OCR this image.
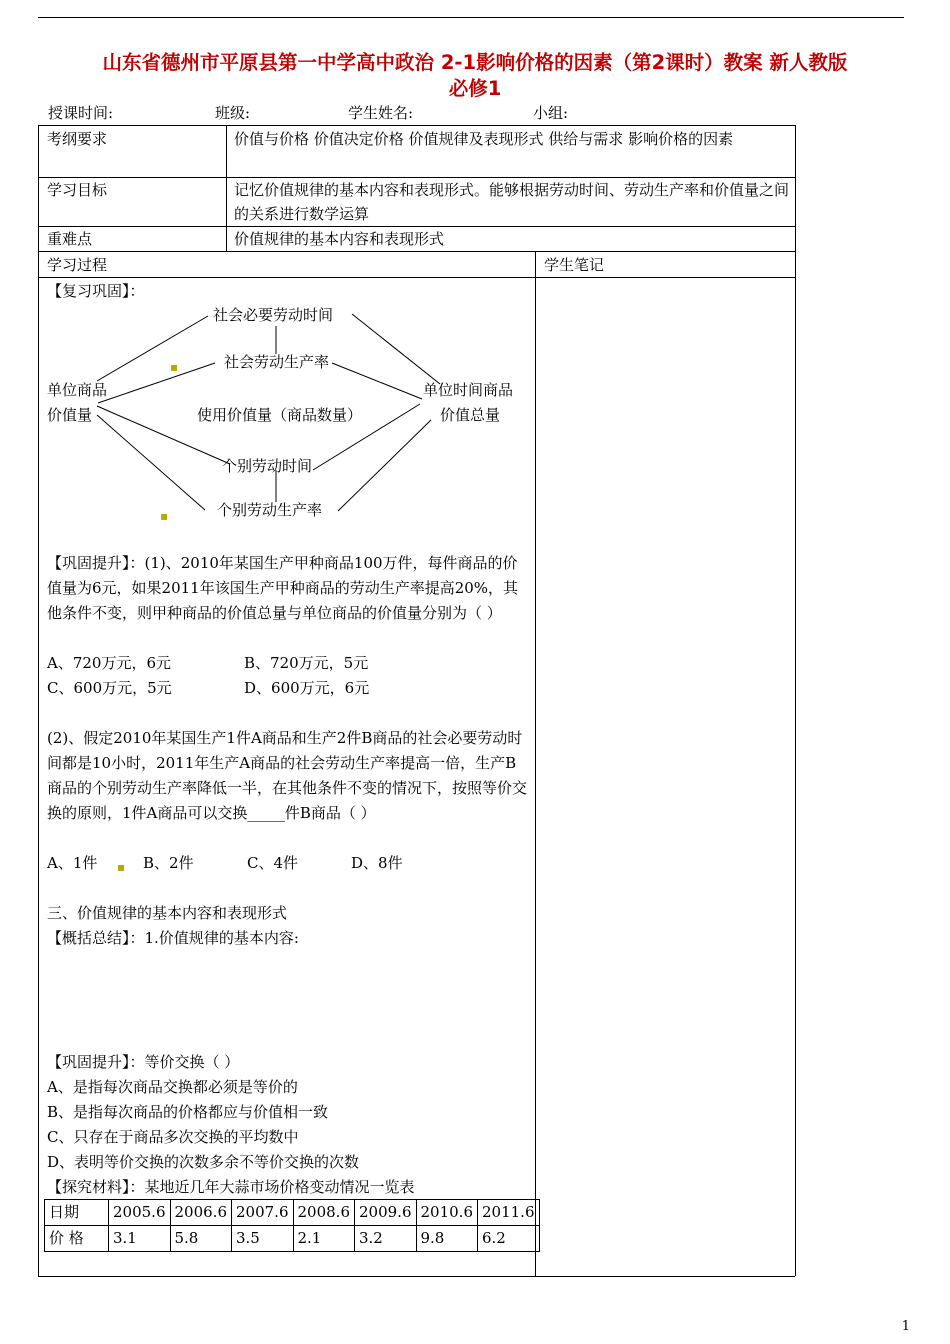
山东省德州市平原县第一中学高中政治 2-1影响价格的因素（第2课时）教案 新人教版
必修1
授课时间:	班级:	学生姓名:	小组:
考纲要求	价值与价格 价值决定价格 价值规律及表现形式 供给与需求 影响价格的因素
学习目标	记忆价值规律的基本内容和表现形式。能够根据劳动时间、劳动生产率和价值量之间的关系进行数学运算
重难点	价值规律的基本内容和表现形式
学习过程	学生笔记
【复习巩固】：
社会必要劳动时间
社会劳动生产率
单位商品
价值量	使用价值量（商品数量）
单位时间商品
价值总量
个别劳动时间
个别劳动生产率
▪
▪
【巩固提升】：(1)、2010年某国生产甲种商品100万件，每件商品的价值量为6元，如果2011年该国生产甲种商品的劳动生产率提高20%，其他条件不变，则甲种商品的价值总量与单位商品的价值量分别为（ ）
A、720万元，6元	B、720万元，5元
C、600万元，5元	D、600万元，6元
(2)、假定2010年某国生产1件A商品和生产2件B商品的社会必要劳动时间都是10小时，2011年生产A商品的社会劳动生产率提高一倍，生产B商品的个别劳动生产率降低一半，在其他条件不变的情况下，按照等价交换的原则，1件A商品可以交换_____件B商品（ ）
A、1件	B、2件	C、4件	D、8件
▪
三、价值规律的基本内容和表现形式
【概括总结】：1.价值规律的基本内容:
【巩固提升】：等价交换（ ）
A、是指每次商品交换都必须是等价的
B、是指每次商品的价格都应与价值相一致
C、只存在于商品多次交换的平均数中
D、表明等价交换的次数多余不等价交换的次数
【探究材料】：某地近几年大蒜市场价格变动情况一览表
日期	2005.6	2006.6	2007.6	2008.6	2009.6	2010.6	2011.6
价 格	3.1	5.8	3.5	2.1	3.2	9.8	6.2
1
